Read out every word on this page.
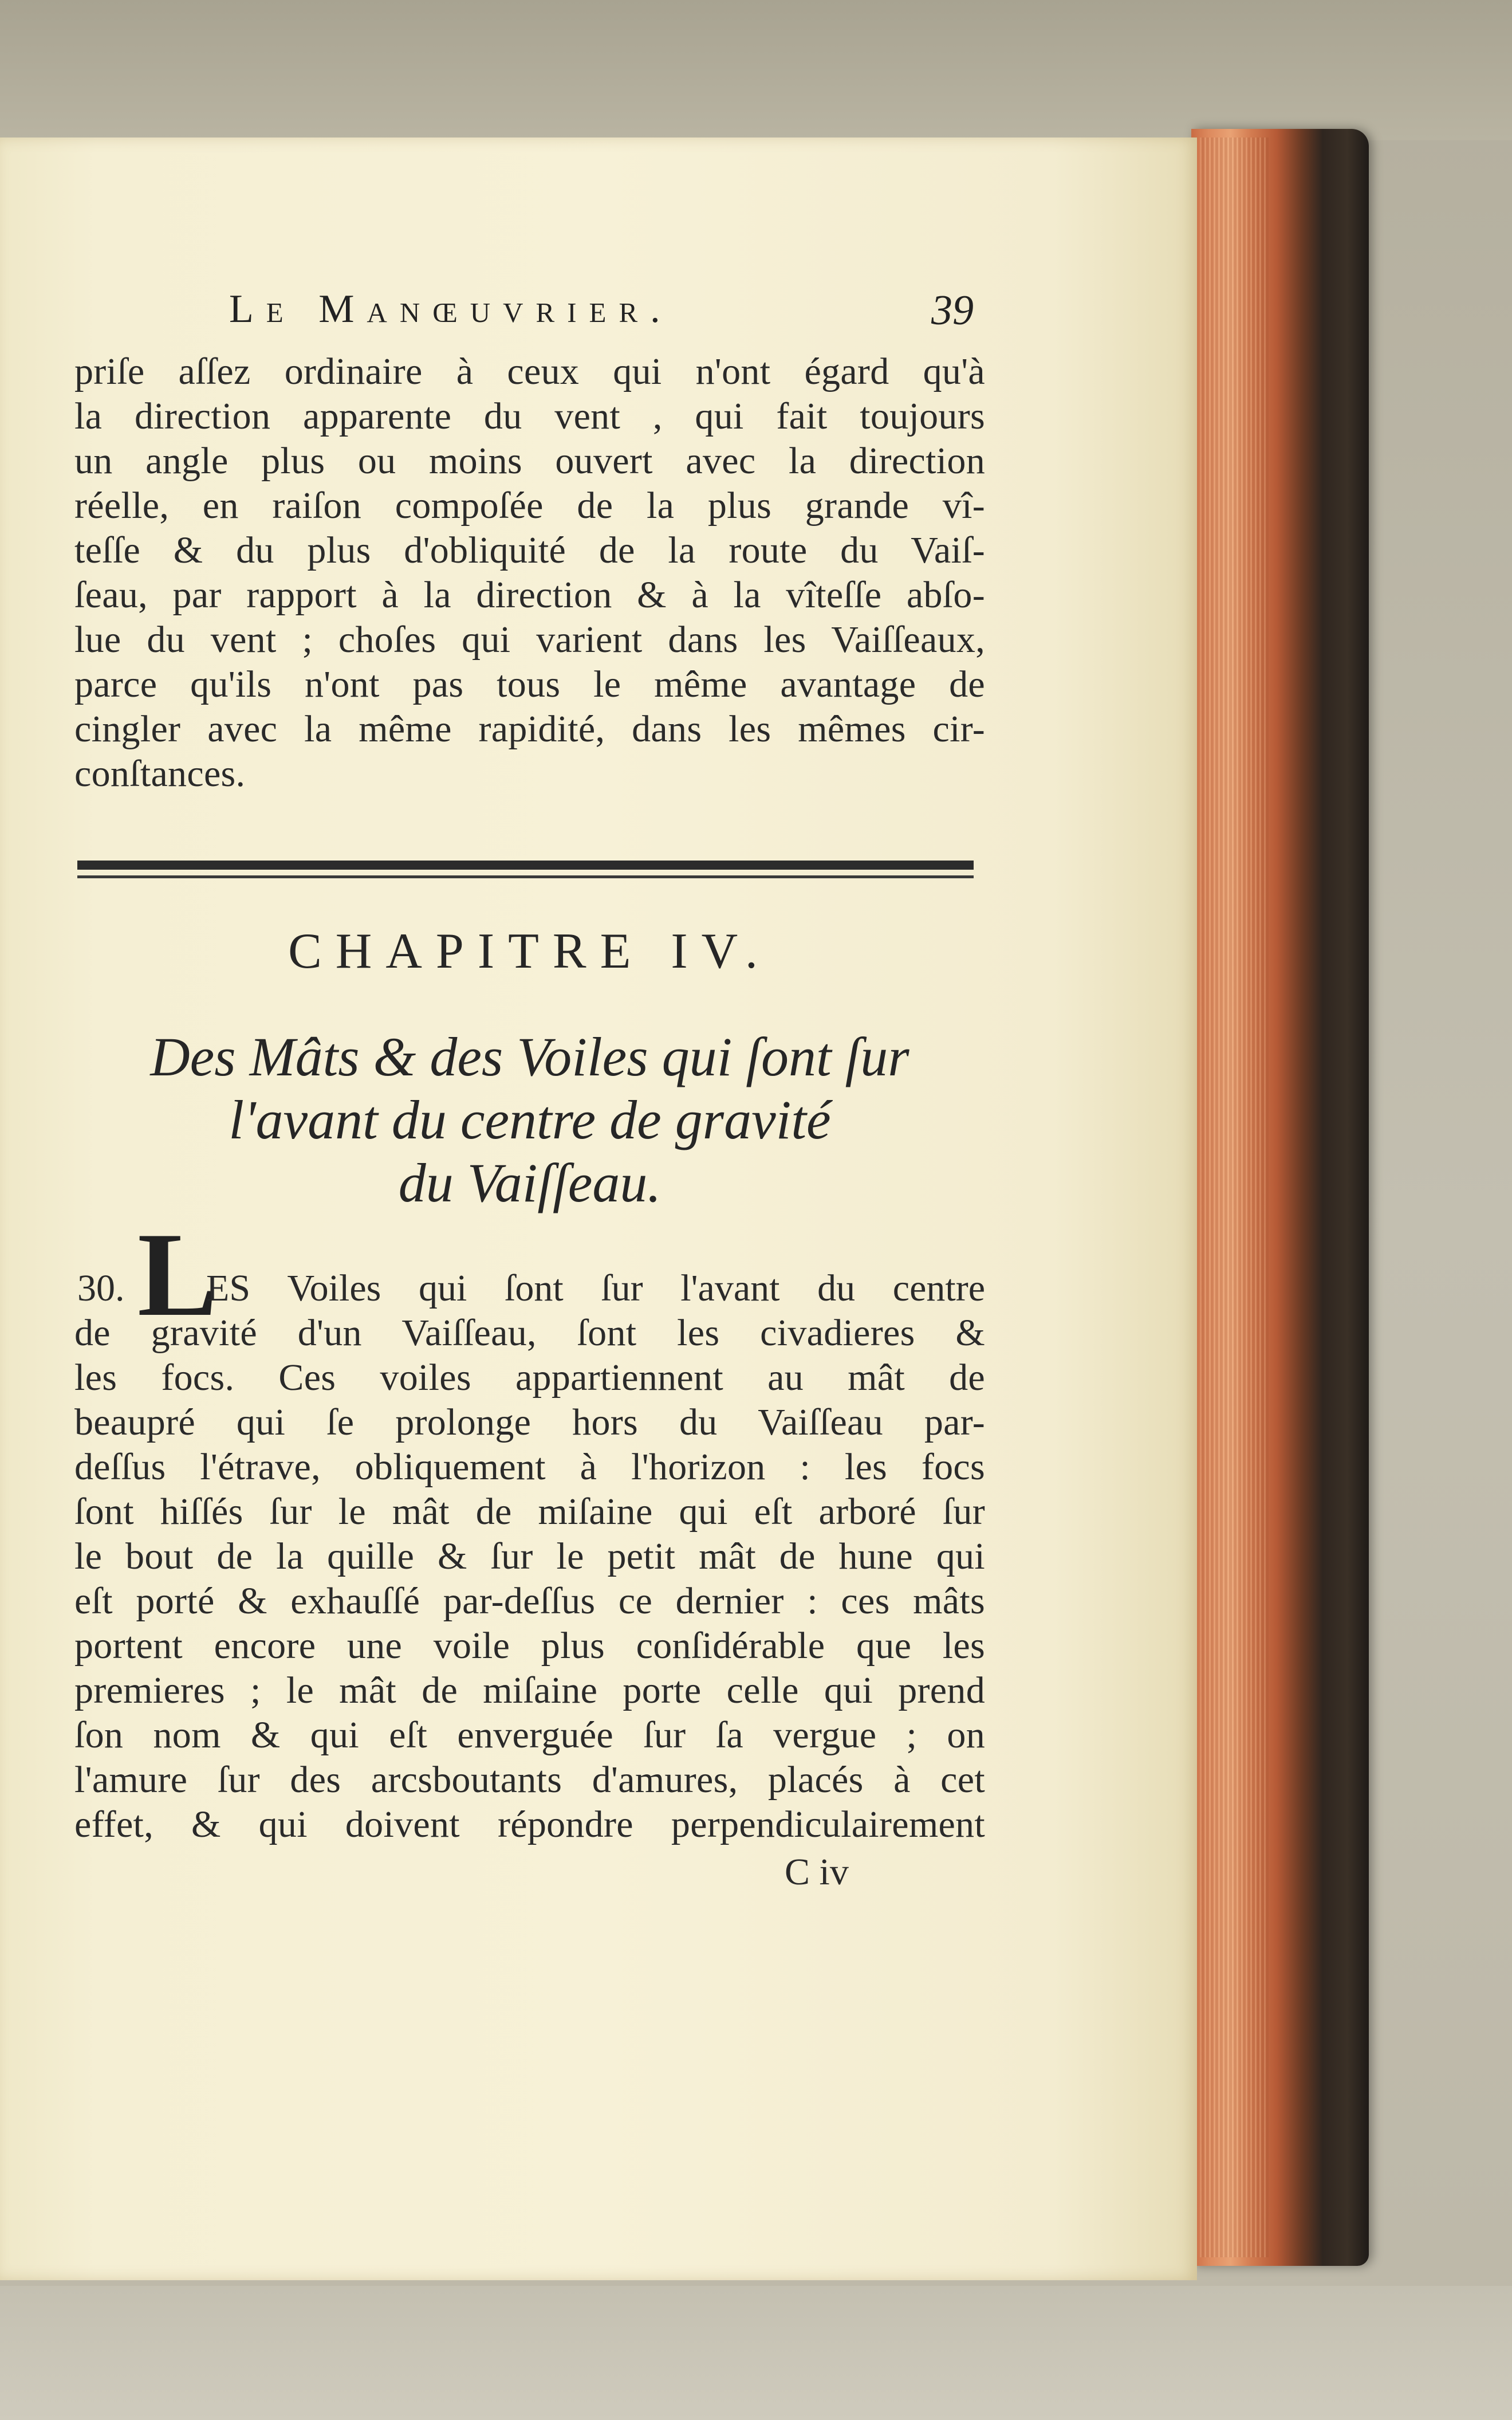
Le Manœuvrier.	39
priſe aſſez ordinaire à ceux qui n'ont égard qu'à
la direction apparente du vent , qui fait toujours
un angle plus ou moins ouvert avec la direction
réelle, en raiſon compoſée de la plus grande vî-
teſſe & du plus d'obliquité de la route du Vaiſ-
ſeau, par rapport à la direction & à la vîteſſe abſo-
lue du vent ; choſes qui varient dans les Vaiſſeaux,
parce qu'ils n'ont pas tous le même avantage de
cingler avec la même rapidité, dans les mêmes cir-
conſtances.
CHAPITRE IV.
Des Mâts & des Voiles qui ſont ſur
l'avant du centre de gravité
du Vaiſſeau.
30. L
ES Voiles qui ſont ſur l'avant du centre
de gravité d'un Vaiſſeau, ſont les civadieres &
les focs. Ces voiles appartiennent au mât de
beaupré qui ſe prolonge hors du Vaiſſeau par-
deſſus l'étrave, obliquement à l'horizon : les focs
ſont hiſſés ſur le mât de miſaine qui eſt arboré ſur
le bout de la quille & ſur le petit mât de hune qui
eſt porté & exhauſſé par-deſſus ce dernier : ces mâts
portent encore une voile plus conſidérable que les
premieres ; le mât de miſaine porte celle qui prend
ſon nom & qui eſt enverguée ſur ſa vergue ; on
l'amure ſur des arcsboutants d'amures, placés à cet
effet, & qui doivent répondre perpendiculairement
C iv
